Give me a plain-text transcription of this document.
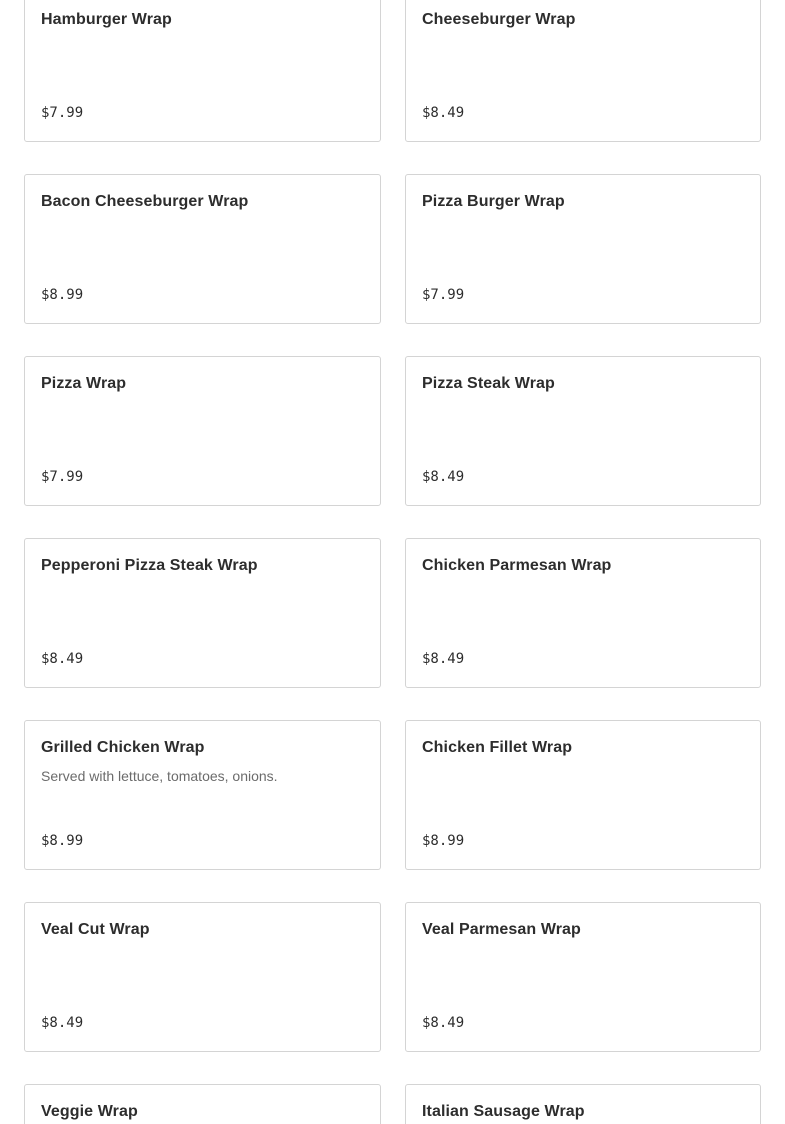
Hamburger Wrap
$7.99
Cheeseburger Wrap
$8.49
Bacon Cheeseburger Wrap
$8.99
Pizza Burger Wrap
$7.99
Pizza Wrap
$7.99
Pizza Steak Wrap
$8.49
Pepperoni Pizza Steak Wrap
$8.49
Chicken Parmesan Wrap
$8.49
Grilled Chicken Wrap
Served with lettuce, tomatoes, onions.
$8.99
Chicken Fillet Wrap
$8.99
Veal Cut Wrap
$8.49
Veal Parmesan Wrap
$8.49
Veggie Wrap	Italian Sausage Wrap
